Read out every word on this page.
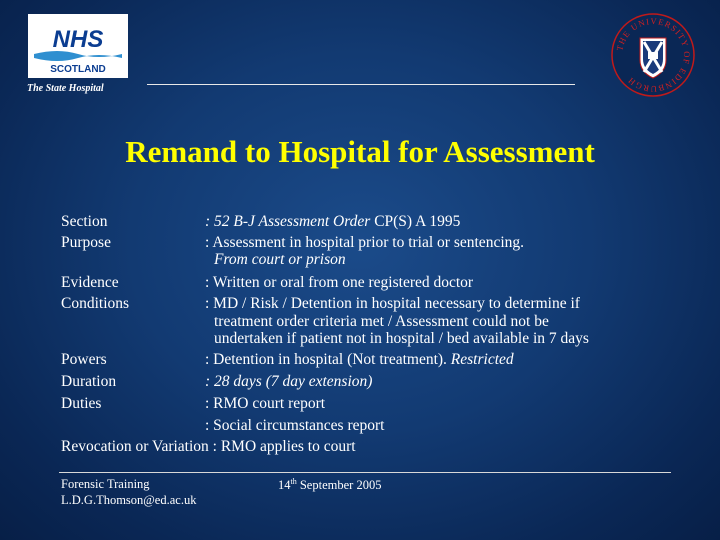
NHS
SCOTLAND
The State Hospital
THE UNIVERSITY OF EDINBURGH
Remand to Hospital for Assessment
Section	: 52 B-J Assessment Order CP(S) A 1995
Purpose	: Assessment in hospital prior to trial or sentencing.
From court or prison
Evidence	: Written or oral from one registered doctor
Conditions	: MD / Risk / Detention in hospital necessary to determine if
treatment order criteria met / Assessment could not be
undertaken if patient not in hospital / bed available in 7 days
Powers	: Detention in hospital (Not treatment). Restricted
Duration	: 28 days (7 day extension)
Duties	: RMO court report
: Social circumstances report
Revocation or Variation : RMO applies to court
Forensic Training
L.D.G.Thomson@ed.ac.uk
14th September 2005
